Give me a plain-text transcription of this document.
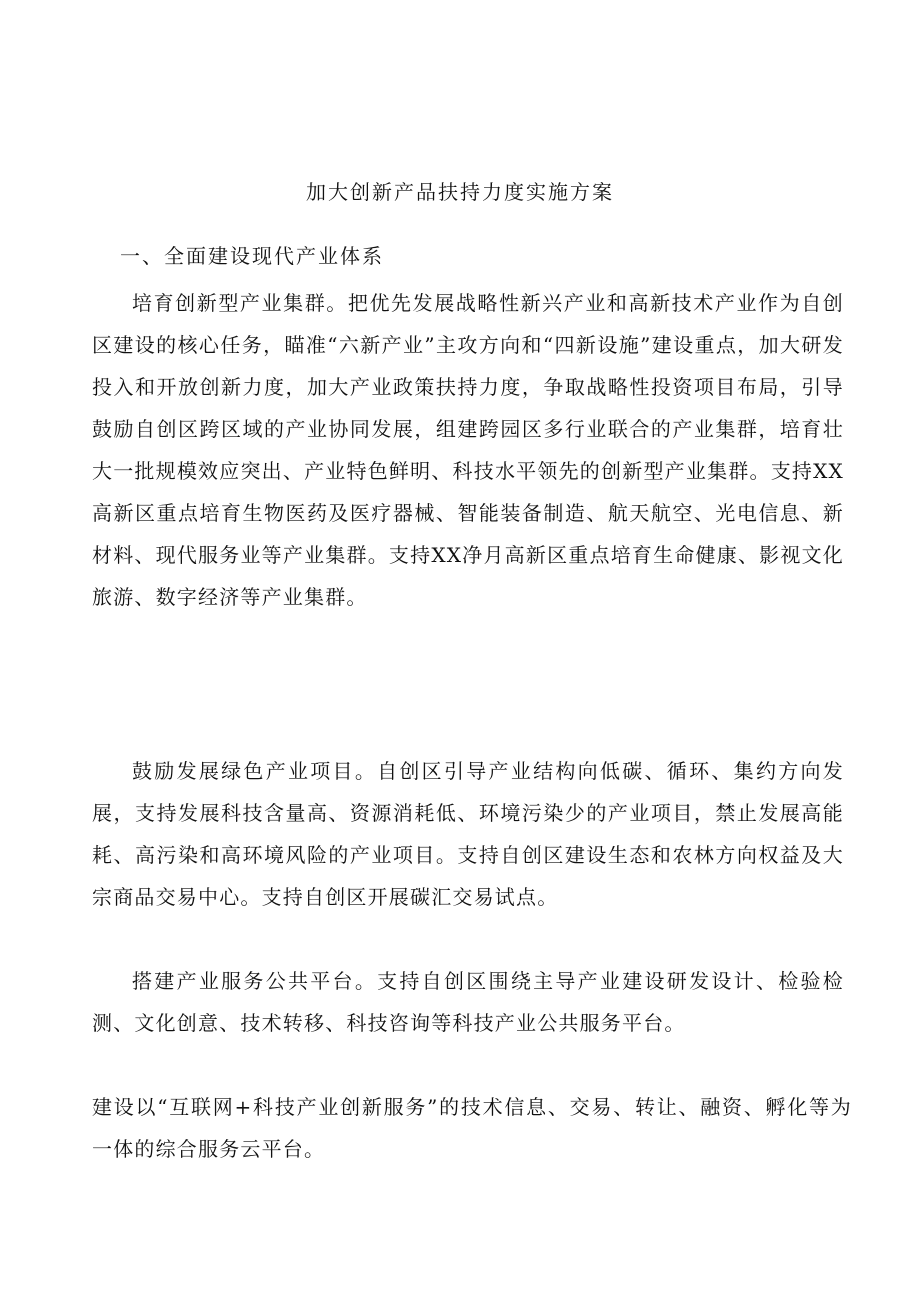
加大创新产品扶持力度实施方案
一、全面建设现代产业体系

培育创新型产业集群。把优先发展战略性新兴产业和高新技术产业作为自创区建设的核心任务，瞄准“六新产业”主攻方向和“四新设施”建设重点，加大研发投入和开放创新力度，加大产业政策扶持力度，争取战略性投资项目布局，引导鼓励自创区跨区域的产业协同发展，组建跨园区多行业联合的产业集群，培育壮大一批规模效应突出、产业特色鲜明、科技水平领先的创新型产业集群。支持XX高新区重点培育生物医药及医疗器械、智能装备制造、航天航空、光电信息、新材料、现代服务业等产业集群。支持XX净月高新区重点培育生命健康、影视文化旅游、数字经济等产业集群。

鼓励发展绿色产业项目。自创区引导产业结构向低碳、循环、集约方向发展，支持发展科技含量高、资源消耗低、环境污染少的产业项目，禁止发展高能耗、高污染和高环境风险的产业项目。支持自创区建设生态和农林方向权益及大宗商品交易中心。支持自创区开展碳汇交易试点。

搭建产业服务公共平台。支持自创区围绕主导产业建设研发设计、检验检测、文化创意、技术转移、科技咨询等科技产业公共服务平台。

建设以“互联网+科技产业创新服务”的技术信息、交易、转让、融资、孵化等为一体的综合服务云平台。
